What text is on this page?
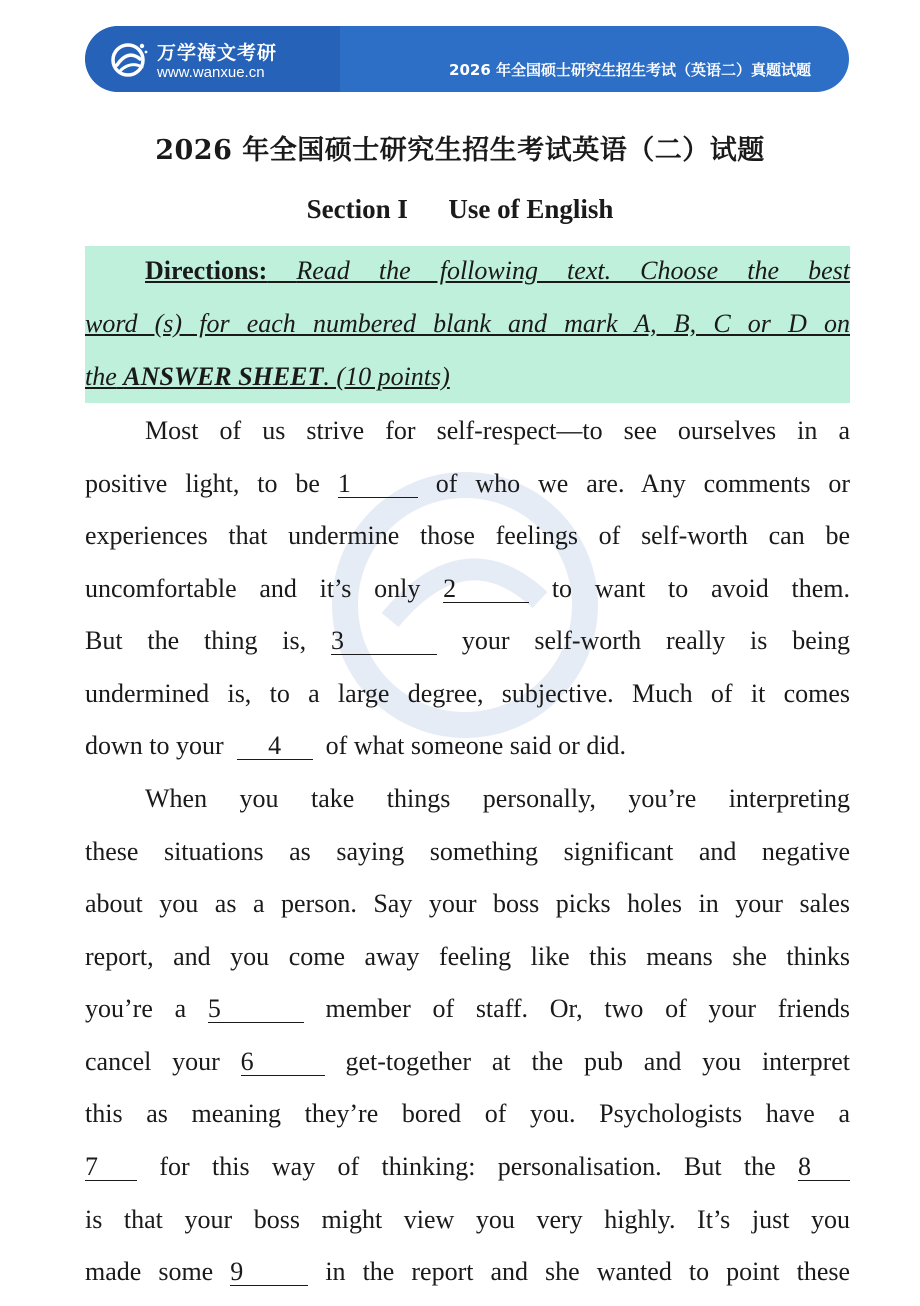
万学海文考研
www.wanxue.cn	2026 年全国硕士研究生招生考试（英语二）真题试题
2026 年全国硕士研究生招生考试英语（二）试题
Section I      Use of English
Directions: Read the following text. Choose the best
word (s) for each numbered blank and mark A, B, C or D on
the ANSWER SHEET. (10 points)
Most of us strive for self-respect—to see ourselves in a
positive light, to be 1	of who we are. Any comments or
experiences that undermine those feelings of self-worth can be
uncomfortable and it’s only 2	to want to avoid them.
But the thing is, 3	your self-worth really is being
undermined is, to a large degree, subjective. Much of it comes
down to your 4 of what someone said or did.
When you take things personally, you’re interpreting
these situations as saying something significant and negative
about you as a person. Say your boss picks holes in your sales
report, and you come away feeling like this means she thinks
you’re a 5	member of staff. Or, two of your friends
cancel your 6	get-together at the pub and you interpret
this as meaning they’re bored of you. Psychologists have a
7 for this way of thinking: personalisation. But the 8
is that your boss might view you very highly. It’s just you
made some 9	in the report and she wanted to point these
